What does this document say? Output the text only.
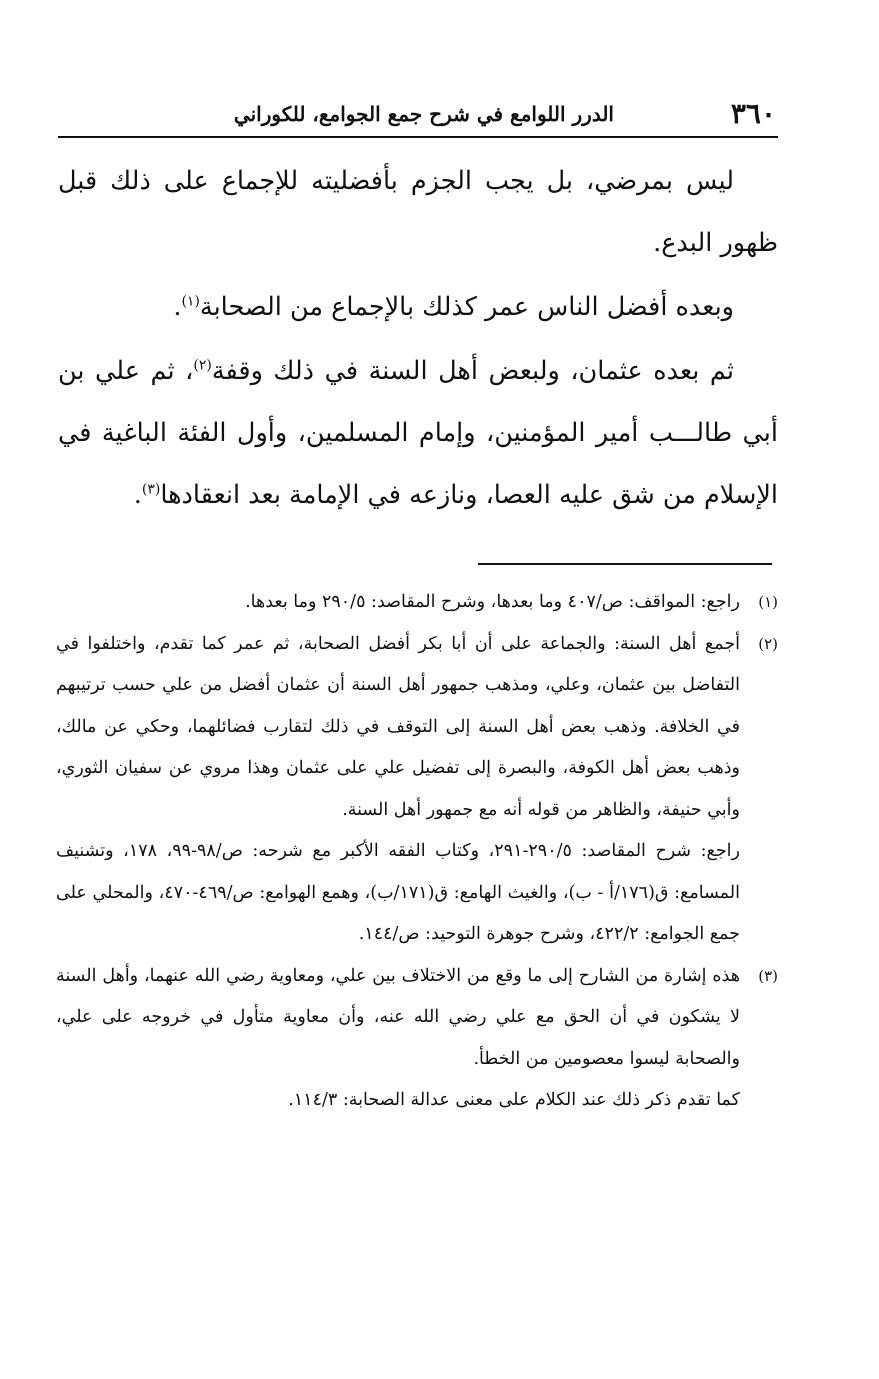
٣٦٠
الدرر اللوامع في شرح جمع الجوامع، للكوراني

ليس بمرضي، بل يجب الجزم بأفضليته للإجماع على ذلك قبل ظهور البدع.

وبعده أفضل الناس عمر كذلك بالإجماع من الصحابة$^{(١)}$.

ثم بعده عثمان، ولبعض أهل السنة في ذلك وقفة$^{(٢)}$، ثم علي بن أبي طالـــب أمير المؤمنين، وإمام المسلمين، وأول الفئة الباغية في الإسلام من شق عليه العصا، ونازعه في الإمامة بعد انعقادها$^{(٣)}$.

(١)

راجع: المواقف: ص/٤٠٧ وما بعدها، وشرح المقاصد: ٢٩٠/٥ وما بعدها.

(٢)

أجمع أهل السنة: والجماعة على أن أبا بكر أفضل الصحابة، ثم عمر كما تقدم، واختلفوا في التفاضل بين عثمان، وعلي، ومذهب جمهور أهل السنة أن عثمان أفضل من علي حسب ترتيبهم في الخلافة. وذهب بعض أهل السنة إلى التوقف في ذلك لتقارب فضائلهما، وحكي عن مالك، وذهب بعض أهل الكوفة، والبصرة إلى تفضيل علي على عثمان وهذا مروي عن سفيان الثوري، وأبي حنيفة، والظاهر من قوله أنه مع جمهور أهل السنة.

راجع: شرح المقاصد: ٢٩٠/٥-٢٩١، وكتاب الفقه الأكبر مع شرحه: ص/٩٨-٩٩، ١٧٨، وتشنيف المسامع: ق(١٧٦/أ - ب)، والغيث الهامع: ق(١٧١/ب)، وهمع الهوامع: ص/٤٦٩-٤٧٠، والمحلي على جمع الجوامع: ٤٢٢/٢، وشرح جوهرة التوحيد: ص/١٤٤.

(٣)

هذه إشارة من الشارح إلى ما وقع من الاختلاف بين علي، ومعاوية رضي الله عنهما، وأهل السنة لا يشكون في أن الحق مع علي رضي الله عنه، وأن معاوية متأول في خروجه على علي، والصحابة ليسوا معصومين من الخطأ.

كما تقدم ذكر ذلك عند الكلام على معنى عدالة الصحابة: ١١٤/٣.
